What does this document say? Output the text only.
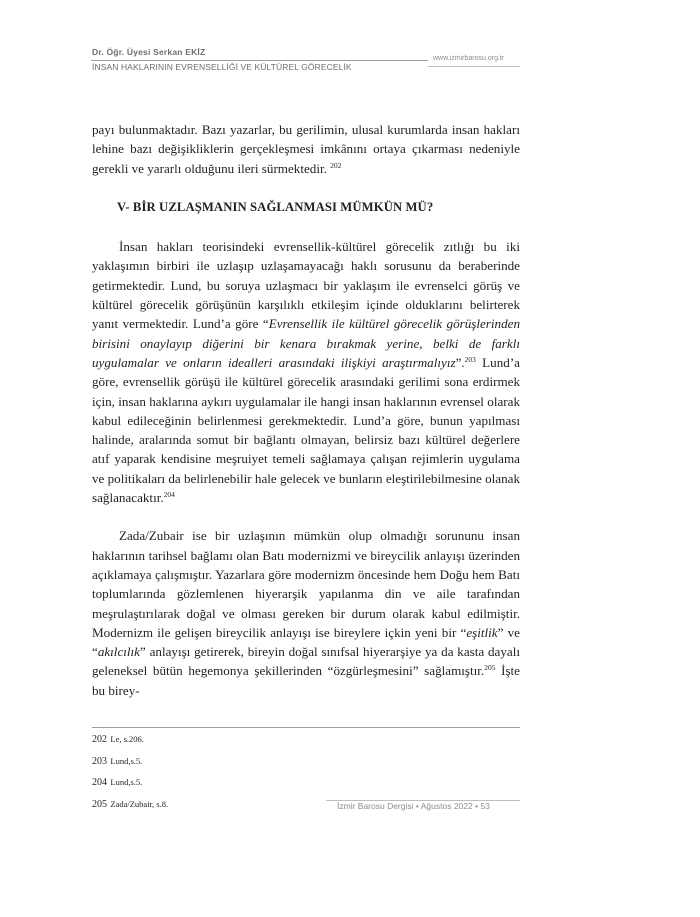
Dr. Öğr. Üyesi Serkan EKİZ
İNSAN HAKLARININ EVRENSELLİĞİ VE KÜLTÜREL GÖRECELİK
www.izmirbarosu.org.tr

payı bulunmaktadır. Bazı yazarlar, bu gerilimin, ulusal kurumlarda insan hakları lehine bazı değişikliklerin gerçekleşmesi imkânını ortaya çıkarması nedeniyle gerekli ve yararlı olduğunu ileri sürmektedir. $^{202}$

V- BİR UZLAŞMANIN SAĞLANMASI MÜMKÜN MÜ?

İnsan hakları teorisindeki evrensellik-kültürel görecelik zıtlığı bu iki yaklaşımın birbiri ile uzlaşıp uzlaşamayacağı haklı sorusunu da beraberinde getirmektedir. Lund, bu soruya uzlaşmacı bir yaklaşım ile evrenselci görüş ve kültürel görecelik görüşünün karşılıklı etkileşim içinde olduklarını belirterek yanıt vermektedir. Lund’a göre “Evrensellik ile kültürel görecelik görüşlerinden birisini onaylayıp diğerini bir kenara bırakmak yerine, belki de farklı uygulamalar ve onların idealleri arasındaki ilişkiyi araştırmalıyız”.$^{203}$ Lund’a göre, evrensellik görüşü ile kültürel görecelik arasındaki gerilimi sona erdirmek için, insan haklarına aykırı uygulamalar ile hangi insan haklarının evrensel olarak kabul edileceğinin belirlenmesi gerekmektedir. Lund’a göre, bunun yapılması halinde, aralarında somut bir bağlantı olmayan, belirsiz bazı kültürel değerlere atıf yaparak kendisine meşruiyet temeli sağlamaya çalışan rejimlerin uygulama ve politikaları da belirlenebilir hale gelecek ve bunların eleştirilebilmesine olanak sağlanacaktır.$^{204}$

Zada/Zubair ise bir uzlaşının mümkün olup olmadığı sorununu insan haklarının tarihsel bağlamı olan Batı modernizmi ve bireycilik anlayışı üzerinden açıklamaya çalışmıştır. Yazarlara göre modernizm öncesinde hem Doğu hem Batı toplumlarında gözlemlenen hiyerarşik yapılanma din ve aile tarafından meşrulaştırılarak doğal ve olması gereken bir durum olarak kabul edilmiştir. Modernizm ile gelişen bireycilik anlayışı ise bireylere içkin yeni bir “eşitlik” ve “akılcılık” anlayışı getirerek, bireyin doğal sınıfsal hiyerarşiye ya da kasta dayalı geleneksel bütün hegemonya şekillerinden “özgürleşmesini” sağlamıştır.$^{205}$ İşte bu birey-

202 Le, s.206.
203 Lund,s.5.
204 Lund,s.5.
205 Zada/Zubair, s.8.	İzmir Barosu Dergisi • Ağustos 2022 • 53
